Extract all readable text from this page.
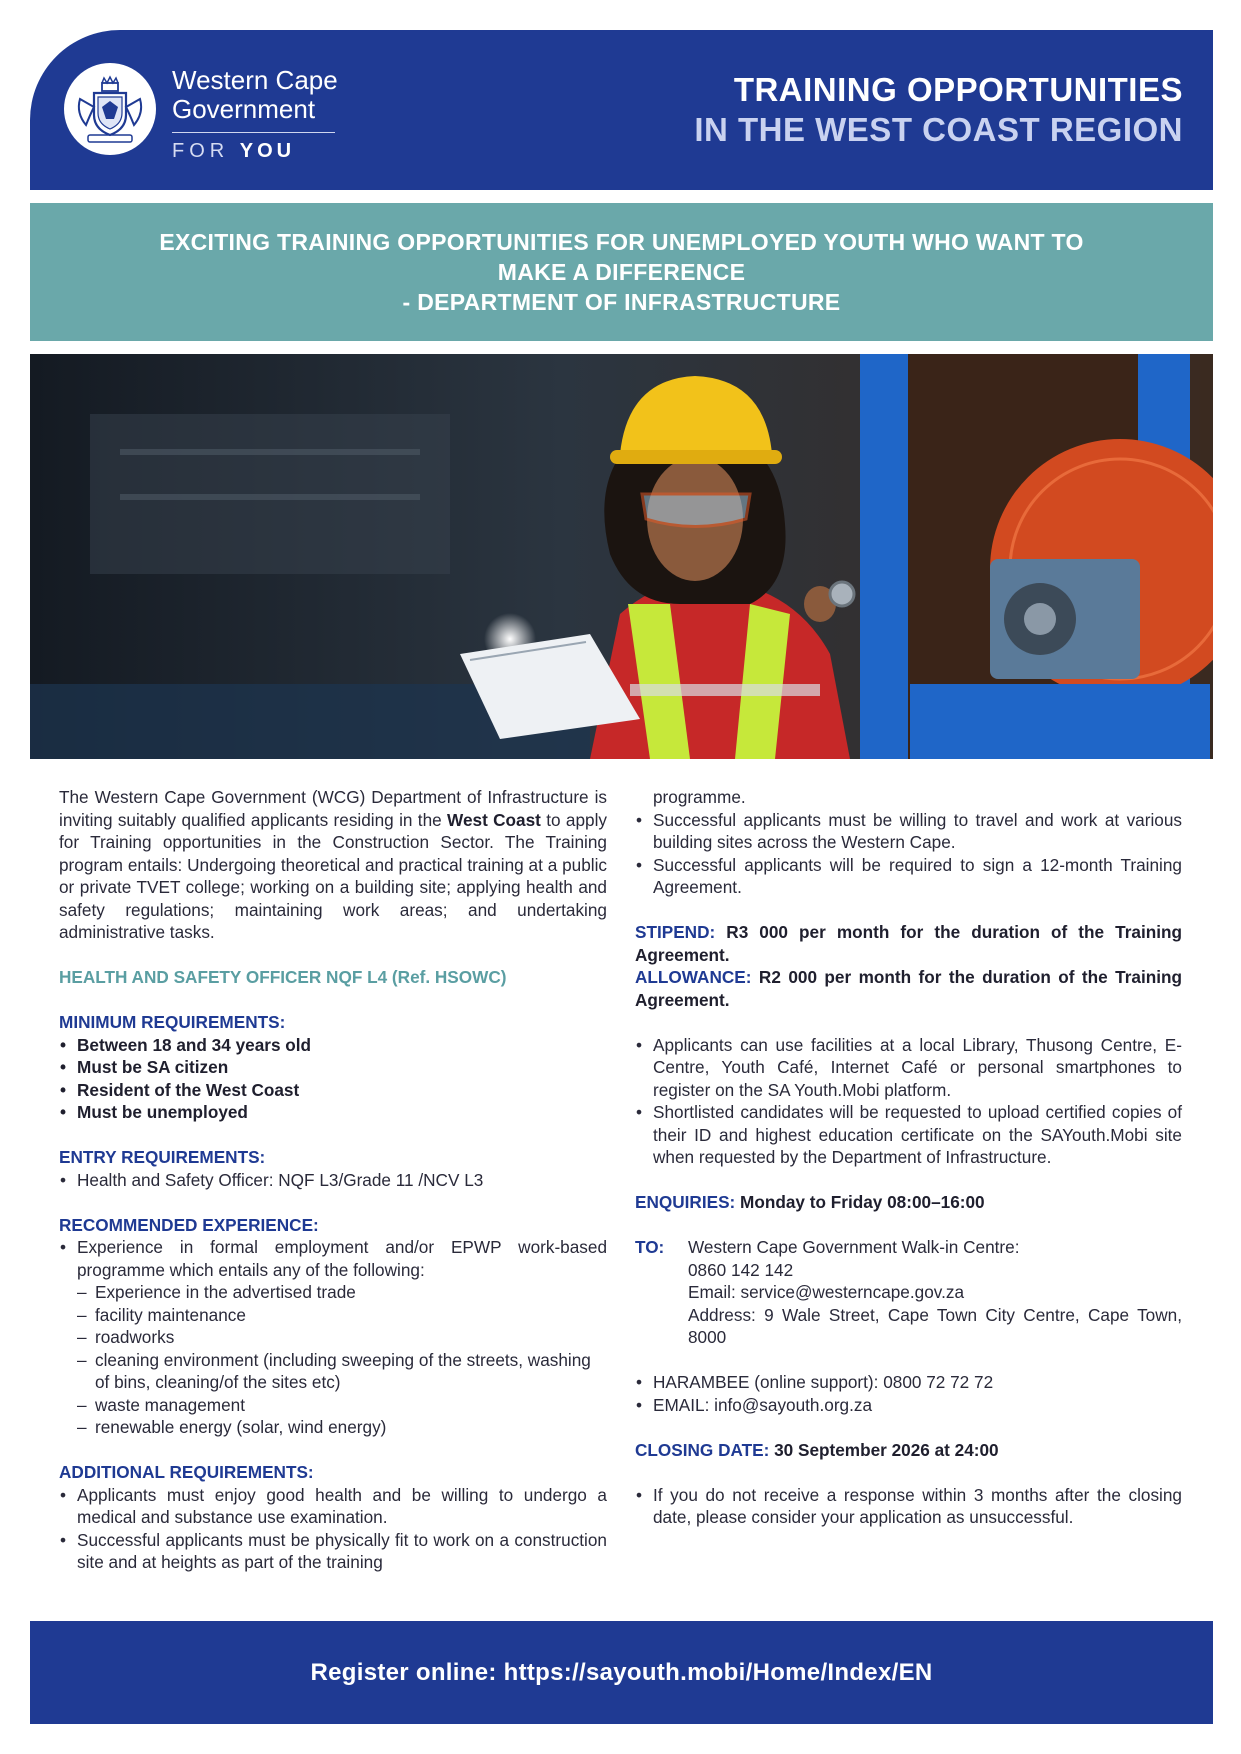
Western Cape
Government
FOR YOU
TRAINING OPPORTUNITIES
IN THE WEST COAST REGION
EXCITING TRAINING OPPORTUNITIES FOR UNEMPLOYED YOUTH WHO WANT TO
MAKE A DIFFERENCE
- DEPARTMENT OF INFRASTRUCTURE

The Western Cape Government (WCG) Department of Infrastructure is inviting suitably qualified applicants residing in the West Coast to apply for Training opportunities in the Construction Sector. The Training program entails: Undergoing theoretical and practical training at a public or private TVET college; working on a building site; applying health and safety regulations; maintaining work areas; and undertaking administrative tasks.

HEALTH AND SAFETY OFFICER NQF L4 (Ref. HSOWC)

MINIMUM REQUIREMENTS:

• Between 18 and 34 years old
• Must be SA citizen
• Resident of the West Coast
• Must be unemployed

ENTRY REQUIREMENTS:

• Health and Safety Officer: NQF L3/Grade 11 /NCV L3

RECOMMENDED EXPERIENCE:

• Experience in formal employment and/or EPWP work-based programme which entails any of the following:
– Experience in the advertised trade
– facility maintenance
– roadworks
– cleaning environment (including sweeping of the streets, washing of bins, cleaning/of the sites etc)
– waste management
– renewable energy (solar, wind energy)

ADDITIONAL REQUIREMENTS:

• Applicants must enjoy good health and be willing to undergo a medical and substance use examination.
• Successful applicants must be physically fit to work on a construction site and at heights as part of the training
programme.
• Successful applicants must be willing to travel and work at various building sites across the Western Cape.
• Successful applicants will be required to sign a 12-month Training Agreement.

STIPEND: R3 000 per month for the duration of the Training Agreement.

ALLOWANCE: R2 000 per month for the duration of the Training Agreement.

• Applicants can use facilities at a local Library, Thusong Centre, E-Centre, Youth Café, Internet Café or personal smartphones to register on the SA Youth.Mobi platform.
• Shortlisted candidates will be requested to upload certified copies of their ID and highest education certificate on the SAYouth.Mobi site when requested by the Department of Infrastructure.

ENQUIRIES: Monday to Friday 08:00–16:00

TO:	Western Cape Government Walk-in Centre:
0860 142 142
Email: service@westerncape.gov.za
Address: 9 Wale Street, Cape Town City Centre, Cape Town, 8000
• HARAMBEE (online support): 0800 72 72 72
• EMAIL: info@sayouth.org.za

CLOSING DATE: 30 September 2026 at 24:00

• If you do not receive a response within 3 months after the closing date, please consider your application as unsuccessful.
Register online: https://sayouth.mobi/Home/Index/EN
